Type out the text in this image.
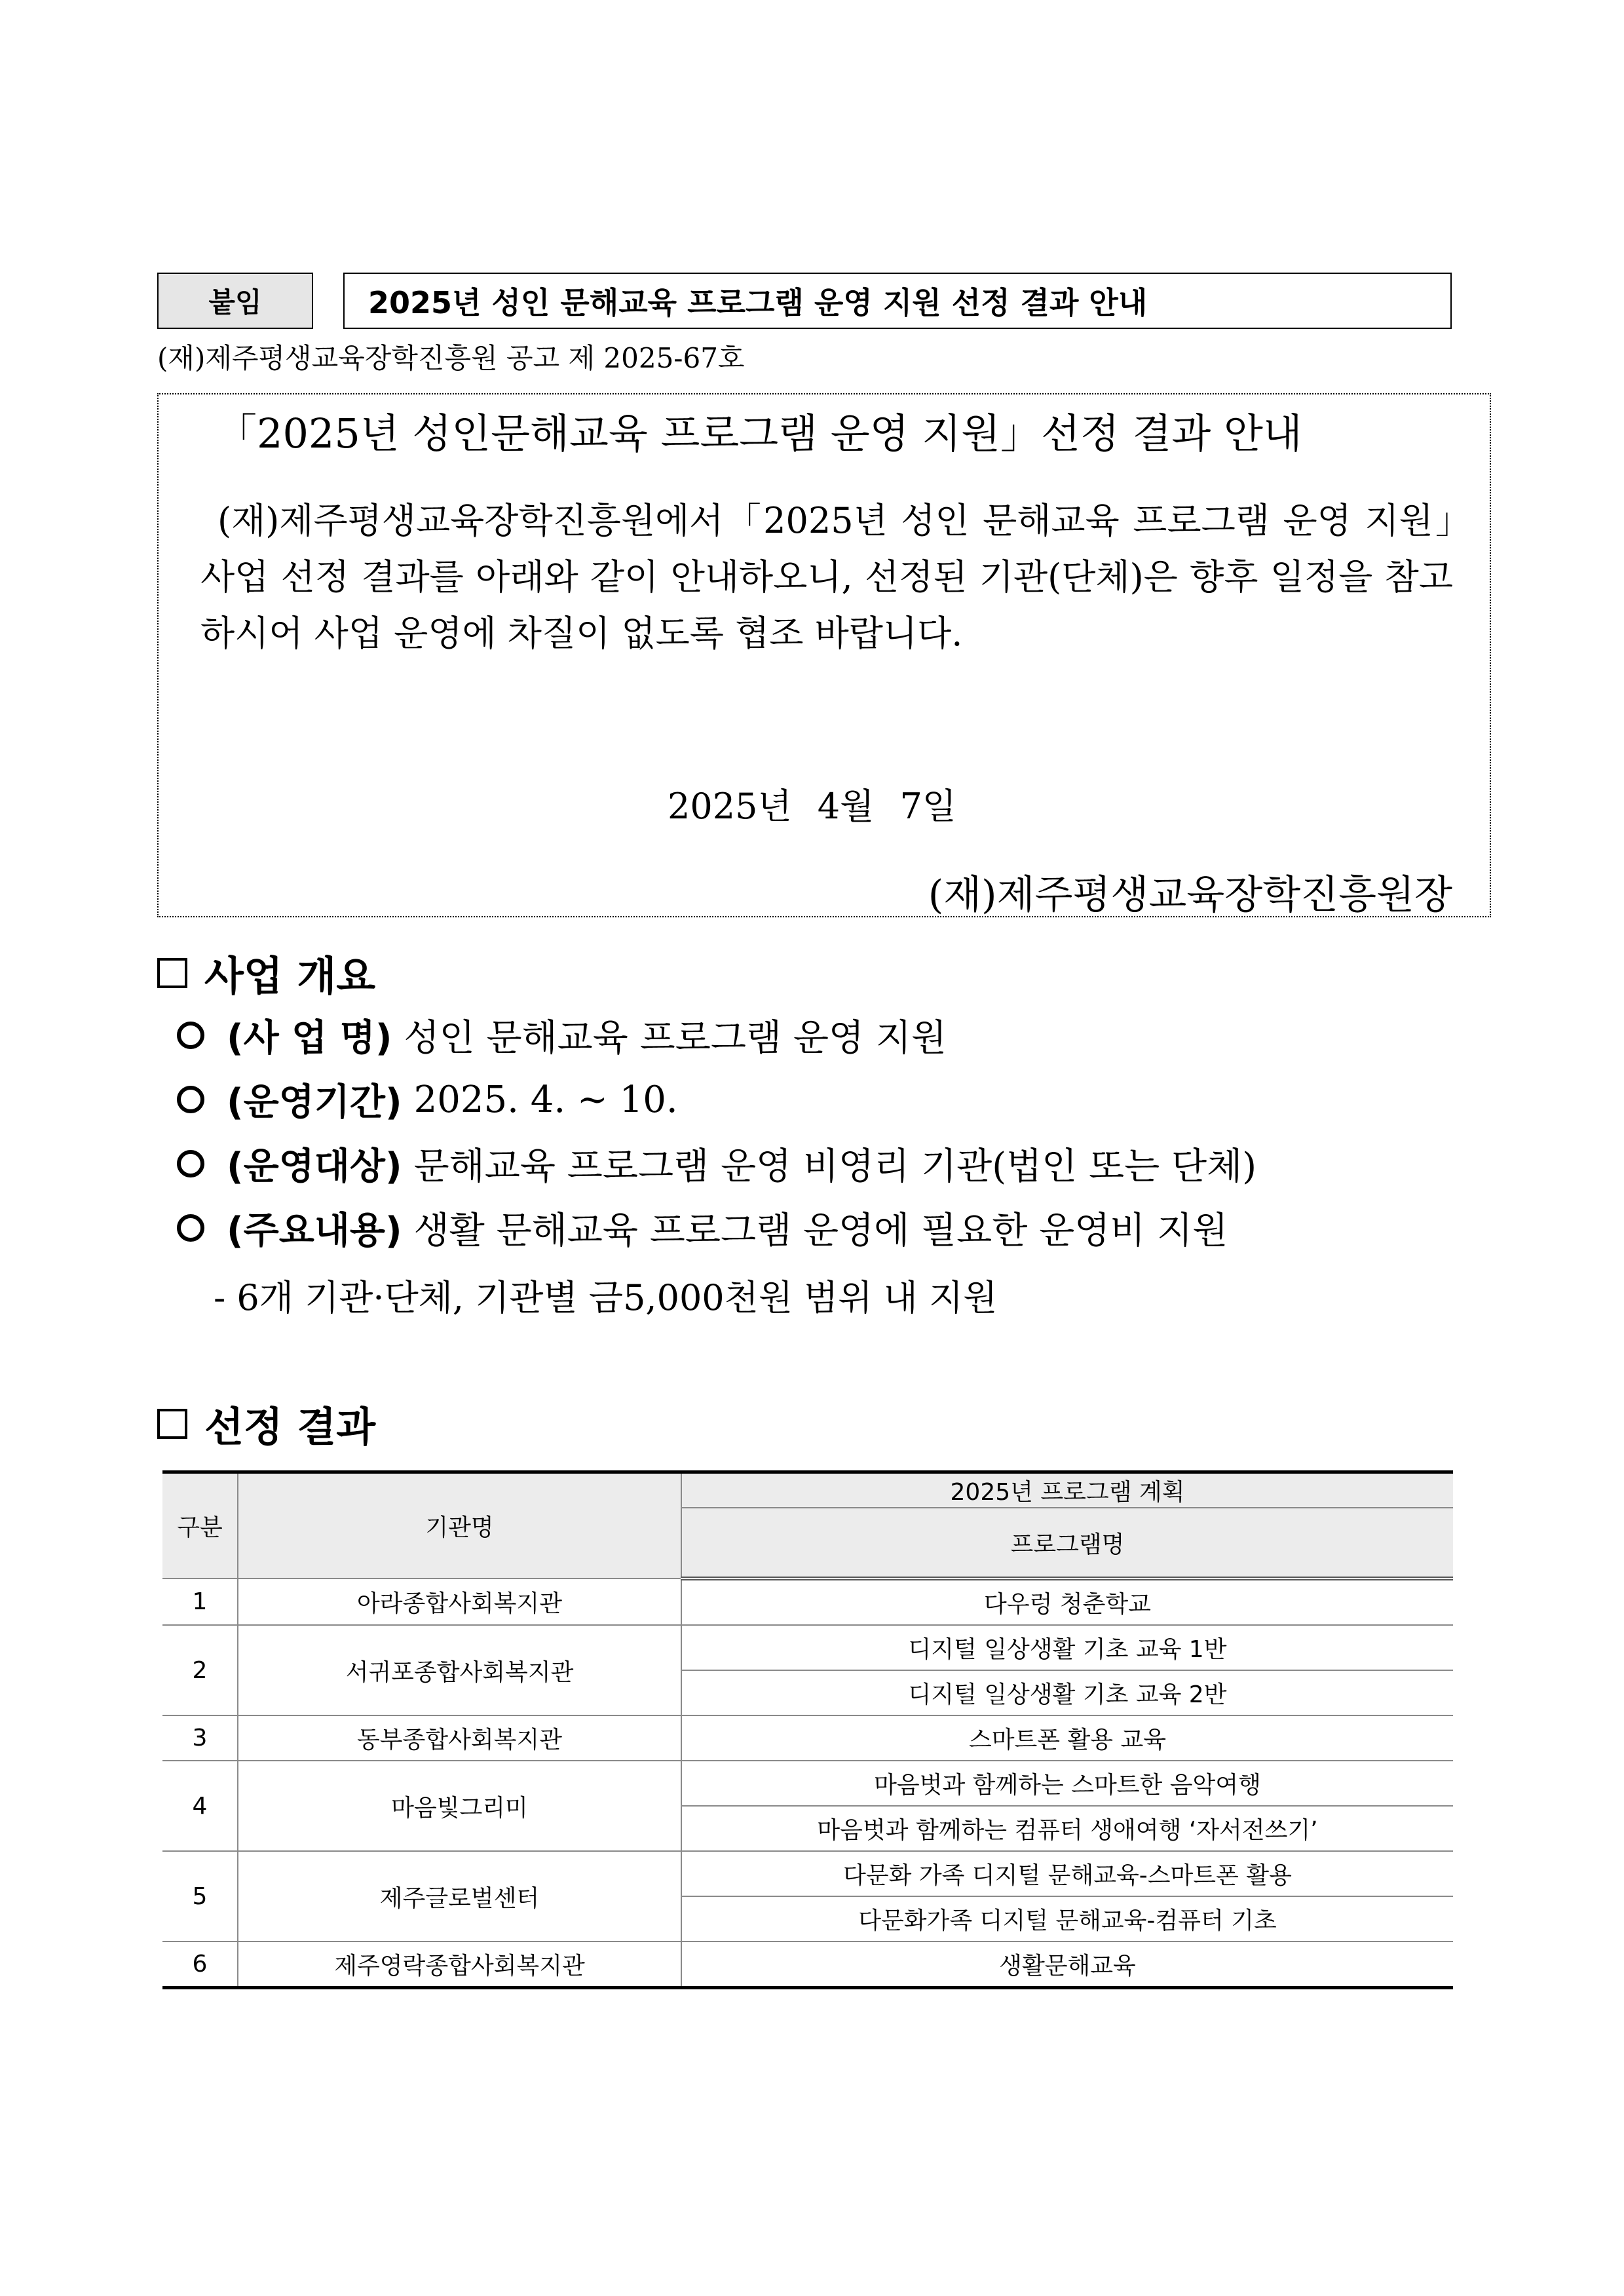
붙임	2025년 성인 문해교육 프로그램 운영 지원 선정 결과 안내
(재)제주평생교육장학진흥원 공고 제 2025-67호
「2025년 성인문해교육 프로그램 운영 지원」선정 결과 안내

(재)제주평생교육장학진흥원에서「2025년 성인 문해교육 프로그램 운영 지원」사업 선정 결과를 아래와 같이 안내하오니, 선정된 기관(단체)은 향후 일정을 참고하시어 사업 운영에 차질이 없도록 협조 바랍니다.

2025년 4월 7일
(재)제주평생교육장학진흥원장
사업 개요
(사 업 명) 성인 문해교육 프로그램 운영 지원
(운영기간) 2025. 4. ~ 10.
(운영대상) 문해교육 프로그램 운영 비영리 기관(법인 또는 단체)
(주요내용) 생활 문해교육 프로그램 운영에 필요한 운영비 지원
- 6개 기관·단체, 기관별 금5,000천원 범위 내 지원
선정 결과
구분	기관명	2025년 프로그램 계획
		프로그램명
1	아라종합사회복지관	다우렁 청춘학교
2	서귀포종합사회복지관	디지털 일상생활 기초 교육 1반
		디지털 일상생활 기초 교육 2반
3	동부종합사회복지관	스마트폰 활용 교육
4	마음빛그리미	마음벗과 함께하는 스마트한 음악여행
		마음벗과 함께하는 컴퓨터 생애여행 ‘자서전쓰기’
5	제주글로벌센터	다문화 가족 디지털 문해교육-스마트폰 활용
		다문화가족 디지털 문해교육-컴퓨터 기초
6	제주영락종합사회복지관	생활문해교육
